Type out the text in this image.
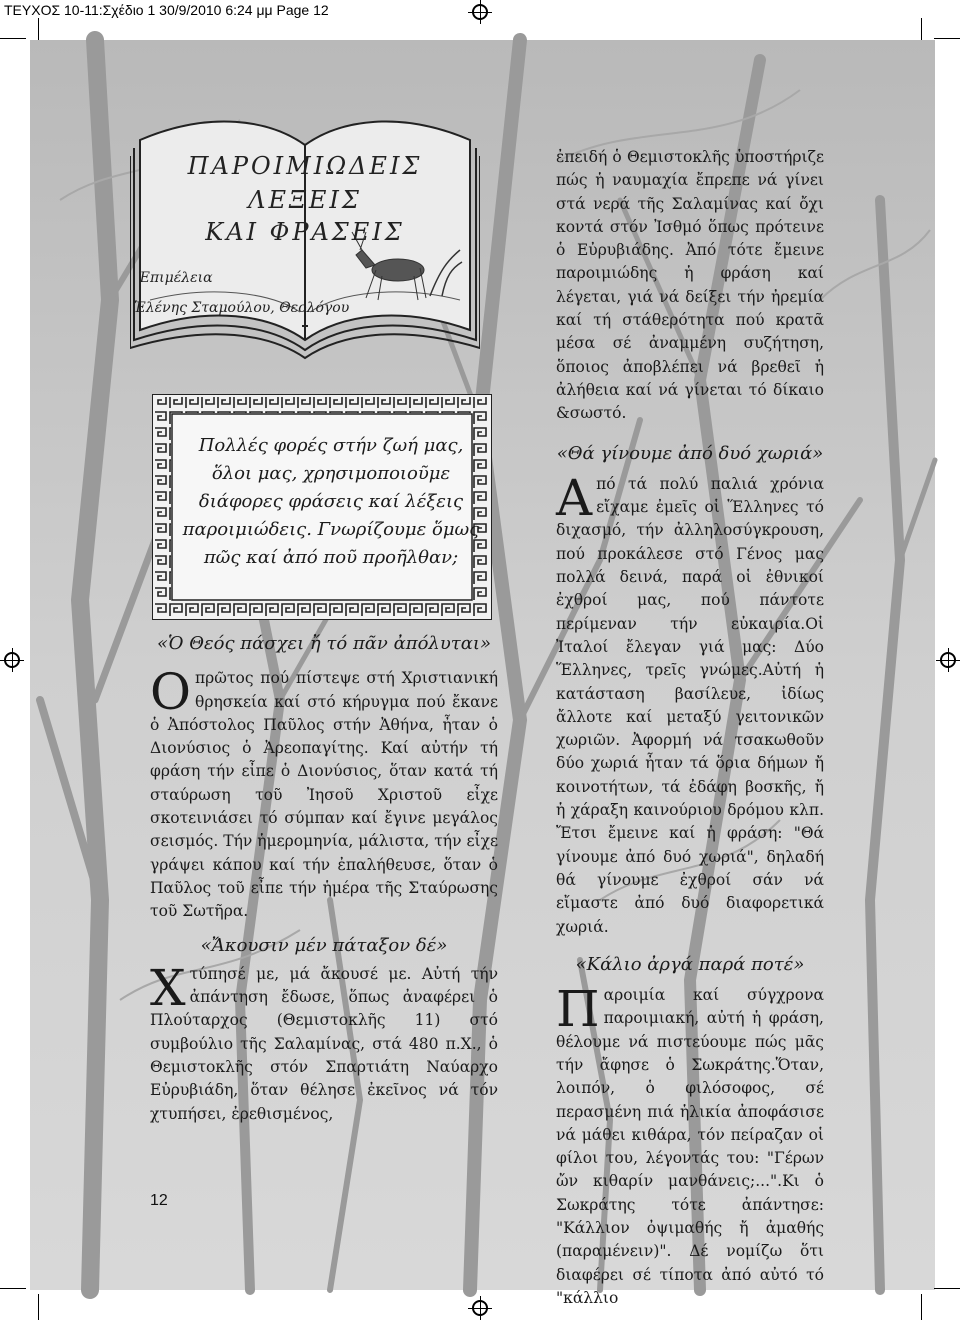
ΤΕΥΧΟΣ 10-11:Σχέδιο 1 30/9/2010 6:24 μμ Page 12
ΠΑΡΟΙΜΙΩΔΕΙΣ
ΛΕΞΕΙΣ
ΚΑΙ ΦΡΑΣΕΙΣ
Ἐπιμέλεια
Ἑλένης Σταμούλου, Θεολόγου
Πολλές φορές στήν ζωή μας, ὅλοι μας, χρησιμοποιοῦμε διάφορες φράσεις καί λέξεις παροιμιώδεις. Γνωρίζουμε ὅμως πῶς καί ἀπό ποῦ προῆλθαν;

«Ὁ Θεός πάσχει ἤ τό πᾶν ἀπόλυται»

Οπρῶτος πού πίστεψε στή Χριστιανική θρησκεία καί στό κήρυγμα πού ἔκανε ὁ Ἀπόστολος Παῦλος στήν Ἀθήνα, ἦταν ὁ Διονύσιος ὁ Ἀρεοπαγίτης. Καί αὐτήν τή φράση τήν εἶπε ὁ Διονύσιος, ὅταν κατά τή σταύρωση τοῦ Ἰησοῦ Χριστοῦ εἶχε σκοτεινιάσει τό σύμπαν καί ἔγινε μεγάλος σεισμός. Τήν ἡμερομηνία, μάλιστα, τήν εἶχε γράψει κάπου καί τήν ἐπαλήθευσε, ὅταν ὁ Παῦλος τοῦ εἶπε τήν ἡμέρα τῆς Σταύρωσης τοῦ Σωτῆρα.

«Ἄκουσιν μέν πάταξον δέ»

Χτύπησέ με, μά ἄκουσέ με. Αὐτή τήν ἀπάντηση ἔδωσε, ὅπως ἀναφέρει ὁ Πλούταρχος (Θεμιστοκλῆς 11) στό συμβούλιο τῆς Σαλαμίνας, στά 480 π.Χ., ὁ Θεμιστοκλῆς στόν Σπαρτιάτη Ναύαρχο Εὐρυβιάδη, ὅταν θέλησε ἐκεῖνος νά τόν χτυπήσει, ἐρεθισμένος,

ἐπειδή ὁ Θεμιστοκλῆς ὑποστήριζε πώς ἡ ναυμαχία ἔπρεπε νά γίνει στά νερά τῆς Σαλαμίνας καί ὄχι κοντά στόν Ἰσθμό ὅπως πρότεινε ὁ Εὐρυβιάδης. Ἀπό τότε ἔμεινε παροιμιώδης ἡ φράση καί λέγεται, γιά νά δείξει τήν ἠρεμία καί τή στάθερότητα πού κρατᾶ μέσα σέ ἀναμμένη συζήτηση, ὅποιος ἀποβλέπει νά βρεθεῖ ἡ ἀλήθεια καί νά γίνεται τό δίκαιο &σωστό.

«Θά γίνουμε ἀπό δυό χωριά»

Από τά πολύ παλιά χρόνια εἴχαμε ἐμεῖς οἱ Ἕλληνες τό διχασμό, τήν ἀλληλοσύγκρουση, πού προκάλεσε στό Γένος μας πολλά δεινά, παρά οἱ ἐθνικοί ἐχθροί μας, πού πάντοτε περίμεναν τήν εὐκαιρία.Οἱ Ἰταλοί ἔλεγαν γιά μας: Δύο Ἕλληνες, τρεῖς γνώμες.Αὐτή ἡ κατάσταση βασίλευε, ἰδίως ἄλλοτε καί μεταξύ γειτονικῶν χωριῶν. Ἀφορμή νά τσακωθοῦν δύο χωριά ἦταν τά ὅρια δήμων ἤ κοινοτήτων, τά ἐδάφη βοσκῆς, ἤ ἡ χάραξη καινούριου δρόμου κλπ. Ἔτσι ἔμεινε καί ἡ φράση: "Θά γίνουμε ἀπό δυό χωριά", δηλαδή θά γίνουμε ἐχθροί σάν νά εἴμαστε ἀπό δυό διαφορετικά χωριά.

«Κάλιο ἀργά παρά ποτέ»

Παροιμία καί σύγχρονα παροιμιακή, αὐτή ἡ φράση, θέλουμε νά πιστεύουμε πώς μᾶς τήν ἄφησε ὁ Σωκράτης.Ὅταν, λοιπόν, ὁ φιλόσοφος, σέ περασμένη πιά ἡλικία ἀποφάσισε νά μάθει κιθάρα, τόν πείραζαν οἱ φίλοι του, λέγοντάς του: "Γέρων ὤν κιθαρίν μανθάνεις;...".Κι ὁ Σωκράτης τότε ἀπάντησε: "Κάλλιον ὀψιμαθής ἤ ἀμαθής (παραμένειν)". Δέ νομίζω ὅτι διαφέρει σέ τίποτα ἀπό αὐτό τό "κάλλιο

12
